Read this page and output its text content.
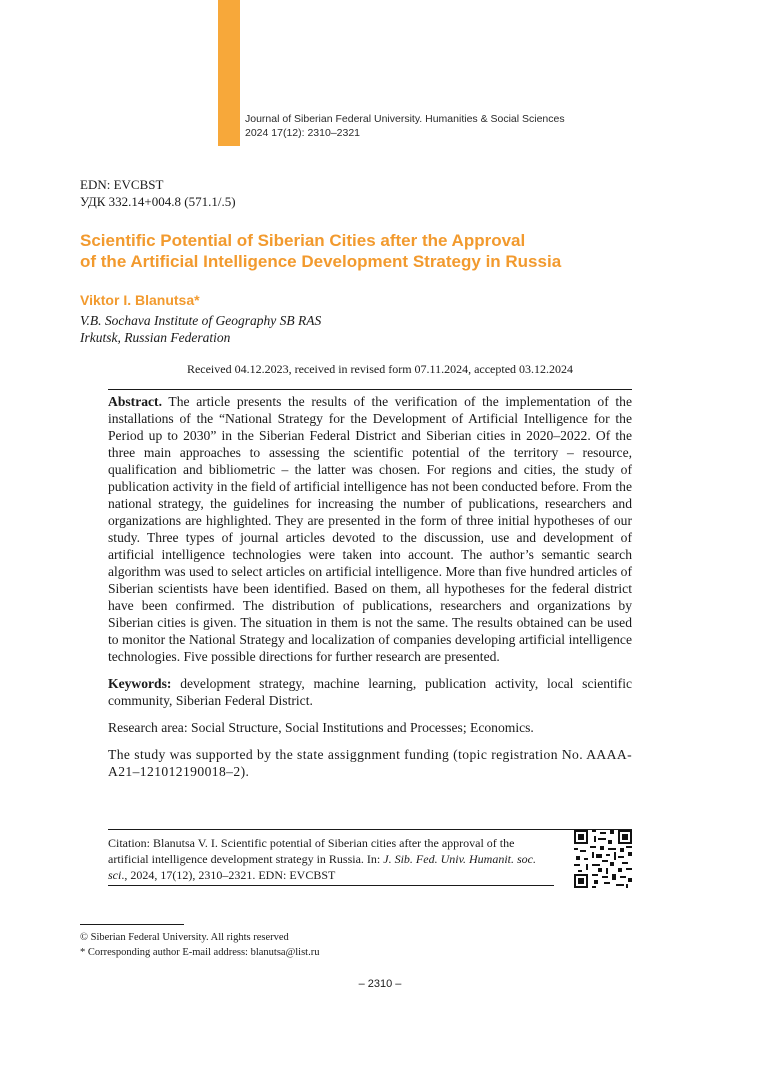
Journal of Siberian Federal University. Humanities & Social Sciences
2024 17(12): 2310–2321
EDN: EVCBST
УДК 332.14+004.8 (571.1/.5)
Scientific Potential of Siberian Cities after the Approval
of the Artificial Intelligence Development Strategy in Russia
Viktor I. Blanutsa*
V.B. Sochava Institute of Geography SB RAS
Irkutsk, Russian Federation
Received 04.12.2023, received in revised form 07.11.2024, accepted 03.12.2024

Abstract. The article presents the results of the verification of the implementation of the installations of the “National Strategy for the Development of Artificial Intelligence for the Period up to 2030” in the Siberian Federal District and Siberian cities in 2020–2022. Of the three main approaches to assessing the scientific potential of the territory – resource, qualification and bibliometric – the latter was chosen. For regions and cities, the study of publication activity in the field of artificial intelligence has not been conducted before. From the national strategy, the guidelines for increasing the number of publications, researchers and organizations are highlighted. They are presented in the form of three initial hypotheses of our study. Three types of journal articles devoted to the discussion, use and development of artificial intelligence technologies were taken into account. The author’s semantic search algorithm was used to select articles on artificial intelligence. More than five hundred articles of Siberian scientists have been identified. Based on them, all hypotheses for the federal district have been confirmed. The distribution of publications, researchers and organizations by Siberian cities is given. The situation in them is not the same. The results obtained can be used to monitor the National Strategy and localization of companies developing artificial intelligence technologies. Five possible directions for further research are presented.

Keywords: development strategy, machine learning, publication activity, local scientific community, Siberian Federal District.

Research area: Social Structure, Social Institutions and Processes; Economics.

The study was supported by the state assiggnment funding (topic registration No. AAAA-A21–121012190018–2).

Citation: Blanutsa V. I. Scientific potential of Siberian cities after the approval of the artificial intelligence development strategy in Russia. In: J. Sib. Fed. Univ. Humanit. soc. sci., 2024, 17(12), 2310–2321. EDN: EVCBST
© Siberian Federal University. All rights reserved
* Corresponding author E-mail address: blanutsa@list.ru
– 2310 –
